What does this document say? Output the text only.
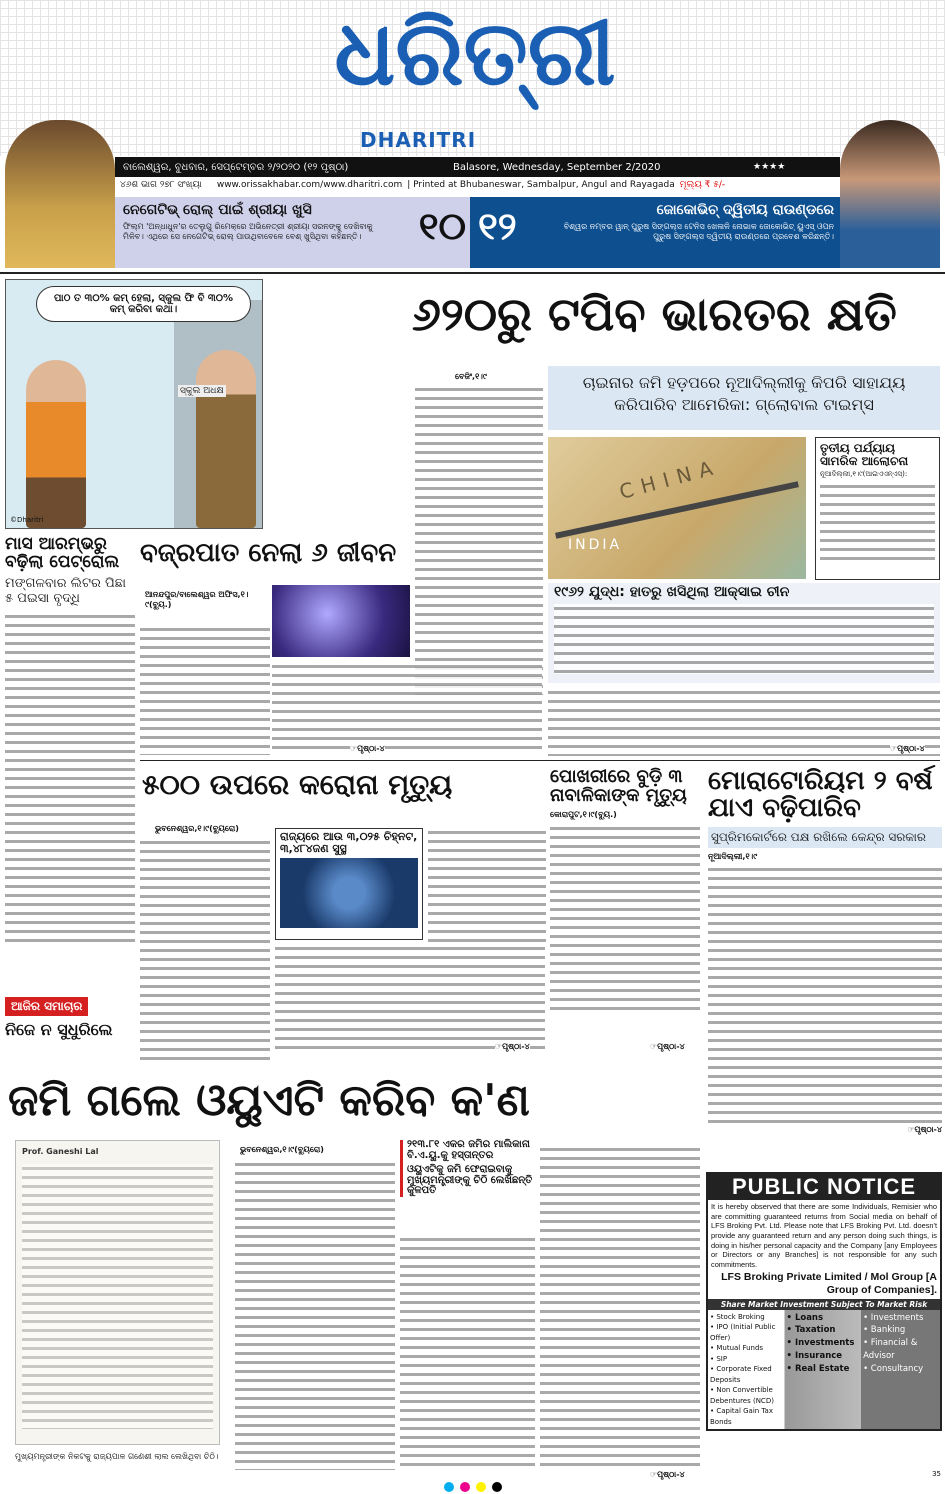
ଧରିତ୍ରୀ
DHARITRI
ବାଲେଶ୍ୱର, ବୁଧବାର, ସେପ୍ଟେମ୍ବର ୨/୨୦୨୦ (୧୨ ପୃଷ୍ଠା)	Balasore, Wednesday, September 2/2020	★★★★
୪୬ଶ ଭାଗ ୨୭୮ ସଂଖ୍ୟା www.orissakhabar.com/www.dharitri.com | Printed at Bhubaneswar, Sambalpur, Angul and Rayagada ମୂଲ୍ୟ ₹ ୫/-
ନେଗେଟିଭ୍ ରୋଲ୍ ପାଇଁ ଶ୍ରୀୟା ଖୁସି
ଫିଲ୍ମ 'ଅନ୍ଧାଧୁନ'ର ତେଲୁଗୁ ରିମେକ୍‌ରେ ଅଭିନେତ୍ରୀ ଶ୍ରୀୟା ସରନଙ୍କୁ ଦେଖିବାକୁ ମିଳିବ। ଏଥିରେ ସେ ନେଗେଟିଭ୍ ରୋଲ୍ ପାଉଥିବାବେଳେ ବେଶ୍ ଖୁସିଥିବା କହିଛନ୍ତି।	୧୦ ୧୨	ଜୋକୋଭିଚ୍ ଦ୍ୱିତୀୟ ରାଉଣ୍ଡରେ
ବିଶ୍ୱର ନମ୍ବର ୱାନ୍ ପୁରୁଷ ସିଙ୍ଗଲ୍ସ ଟେନିସ ଖେଳାଳି ନୋଭାକ ଜୋକୋଭିଚ୍ ୟୁଏସ୍ ଓପନ ପୁରୁଷ ସିଙ୍ଗଲ୍ସ ଦ୍ୱିତୀୟ ରାଉଣ୍ଡରେ ପ୍ରବେଶ କରିଛନ୍ତି।
ପାଠ ତ ୩୦% କମ୍ ହେଲା, ସ୍କୁଲ ଫି ବି ୩୦% କମ୍ କରିବା କଥା।
ସ୍କୁଲ ଅଧକ୍ଷ
©Dharitri
୬୨୦ରୁ ଟପିବ ଭାରତର କ୍ଷତି
ବେଜିଂ,୧।୯	ଚାଇନାର ଜମି ହଡ଼ପରେ ନୂଆଦିଲ୍ଲୀକୁ କିପରି ସାହାଯ୍ୟ କରିପାରିବ ଆମେରିକା: ଗ୍ଲୋବାଲ ଟାଇମ୍ସ
CHINA
INDIA
ତୃତୀୟ ପର୍ଯ୍ୟାୟ ସାମରିକ ଆଲୋଚନା
ନୂଆଦିଲ୍ଲୀ,୧।୯(ଆଇଏଏନ୍‌ଏସ୍):
୧୯୬୨ ଯୁଦ୍ଧ: ହାତରୁ ଖସିଥିଲା ଆକ୍ସାଇ ଚୀନ
☞ପୃଷ୍ଠା-୪
ମାସ ଆରମ୍ଭରୁ ବଢ଼ିଲା ପେଟ୍ରୋଲ
ମଙ୍ଗଳବାର ଲିଟର ପିଛା ୫ ପଇସା ବୃଦ୍ଧି
ଆଜିର ସମାଚାର
ନିଜେ ନ ସୁଧୁରିଲେ
ବଜ୍ରପାତ ନେଲା ୬ ଜୀବନ
ଆନନ୍ଦପୁର/ବାଲେଶ୍ୱର ଅଫିସ,୧।୯(ବ୍ୟୁ.)
☞ପୃଷ୍ଠା-୪
୫୦୦ ଉପରେ କରୋନା ମୃତ୍ୟୁ
ଭୁବନେଶ୍ୱର,୧।୯(ବ୍ୟୁରୋ)
ରାଜ୍ୟରେ ଆଉ ୩,୦୨୫ ଚିହ୍ନଟ, ୩,୪୮୪ଜଣ ସୁସ୍ଥ
☞ପୃଷ୍ଠା-୪
ପୋଖରୀରେ ବୁଡ଼ି ୩ ନାବାଳିକାଙ୍କ ମୃତ୍ୟୁ
କୋରାପୁଟ,୧।୯(ବ୍ୟୁ.)
☞ପୃଷ୍ଠା-୪
ମୋରାଟୋରିୟମ ୨ ବର୍ଷ ଯାଏ ବଢ଼ିପାରିବ
ସୁପ୍ରିମକୋର୍ଟରେ ପକ୍ଷ ରଖିଲେ କେନ୍ଦ୍ର ସରକାର
ନୂଆଦିଲ୍ଲୀ,୧।୯
☞ପୃଷ୍ଠା-୪
ଜମି ଗଲେ ଓୟୁଏଟି କରିବ କ'ଣ
Prof. Ganeshi Lal
ମୁଖ୍ୟମନ୍ତ୍ରୀଙ୍କ ନିକଟକୁ ରାଜ୍ୟପାଳ ଗଣେଶୀ ଲାଲ ଲେଖିଥିବା ଚିଠି।
ଭୁବନେଶ୍ୱର,୧।୯(ବ୍ୟୁରୋ)	୨୧୩.୮୧ ଏକର ଜମିର ମାଲିକାନା ବି.ଏ.ୟୁ.କୁ ହସ୍ତାନ୍ତର
ଓୟୁଏଟିକୁ ଜମି ଫେରାଇବାକୁ ମୁଖ୍ୟମନ୍ତ୍ରୀଙ୍କୁ ଚିଠି ଲେଖିଛନ୍ତି କୁଳପତି
☞ପୃଷ୍ଠା-୪
PUBLIC NOTICE
It is hereby observed that there are some Individuals, Remisier who are committing guaranteed returns from Social media on behalf of LFS Broking Pvt. Ltd. Please note that LFS Broking Pvt. Ltd. doesn't provide any guaranteed return and any person doing such things, is doing in his/her personal capacity and the Company [any Employees or Directors or any Branches] is not responsible for any such commitments.
LFS Broking Private Limited / Mol Group [A Group of Companies].
Share Market Investment Subject To Market Risk
• Stock Broking
• IPO (Initial Public Offer)
• Mutual Funds
• SIP
• Corporate Fixed Deposits
• Non Convertible Debentures (NCD)
• Capital Gain Tax Bonds
• Loans
• Taxation
• Investments
• Insurance
• Real Estate
• Investments
• Banking
• Financial & Advisor
• Consultancy
35
